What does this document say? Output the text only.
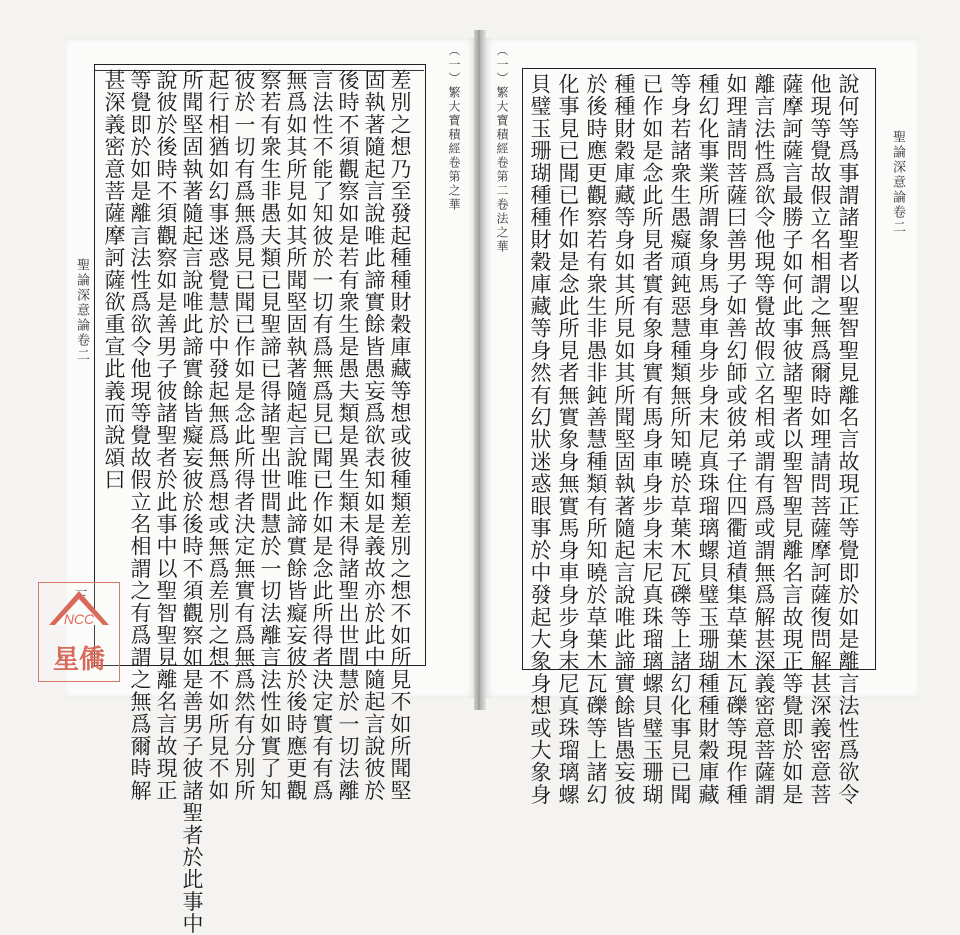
甚深義密意菩薩摩訶薩欲重宣此義而說頌曰 等覺即於如是離言法性爲欲令他現等覺故假立名相謂之有爲謂之無爲爾時解 說彼於後時不須觀察如是善男子彼諸聖者於此事中以聖智聖見離名言故現正 所聞堅固執著隨起言說唯此諦實餘皆癡妄彼於後時不須觀察如是善男子彼諸聖者於此事中 起行相猶如幻事迷惑覺慧於中發起無爲無爲想或無爲差別之想不如所見不如 彼於一切有爲無爲見已聞已作如是念此所得者決定無實有爲無爲然有分別所 察若有衆生非愚夫類已見聖諦已得諸聖出世間慧於一切法離言法性如實了知 無爲如其所見如其所聞堅固執著隨起言說唯此諦實餘皆癡妄彼於後時應更觀 言法性不能了知彼於一切有爲無爲見已聞已作如是念此所得者決定實有有爲 後時不須觀察如是若有衆生是愚夫類是異生類未得諸聖出世間慧於一切法離 固執著隨起言說唯此諦實餘皆愚妄爲欲表知如是義故亦於此中隨起言說彼於 差別之想乃至發起種種財穀庫藏等想或彼種類差別之想不如所見不如所聞堅	（一）繁大寶積經卷第之華
聖論深意論卷二
三	貝璧玉珊瑚種種財穀庫藏等身然有幻狀迷惑眼事於中發起大象身想或大象身 化事見已聞已作如是念此所見者無實象身無實馬身車身步身末尼真珠瑠璃螺 於後時應更觀察若有衆生非愚非鈍善慧種類有所知曉於草葉木瓦礫等上諸幻 種種財穀庫藏等身如其所見如其所聞堅固執著隨起言說唯此諦實餘皆愚妄彼 已作如是念此所見者實有象身實有馬身車身步身末尼真珠瑠璃螺貝璧玉珊瑚 等身若諸衆生愚癡頑鈍惡慧種類無所知曉於草葉木瓦礫等上諸幻化事見已聞 種幻化事業所謂象身馬身車身步身末尼真珠瑠璃螺貝璧玉珊瑚種種財穀庫藏 如理請問菩薩曰善男子如善幻師或彼弟子住四衢道積集草葉木瓦礫等現作種 離言法性爲欲令他現等覺故假立名相或謂有爲或謂無爲解甚深義密意菩薩謂 薩摩訶薩言最勝子如何此事彼諸聖者以聖智聖見離名言故現正等覺即於如是 他現等覺故假立名相謂之無爲爾時如理請問菩薩摩訶薩復問解甚深義密意菩 說何等爲事謂諸聖者以聖智聖見離名言故現正等覺即於如是離言法性爲欲令
（一）繁大寶積經卷第二卷法之華	聖論深意論卷二
NCC
星僑
